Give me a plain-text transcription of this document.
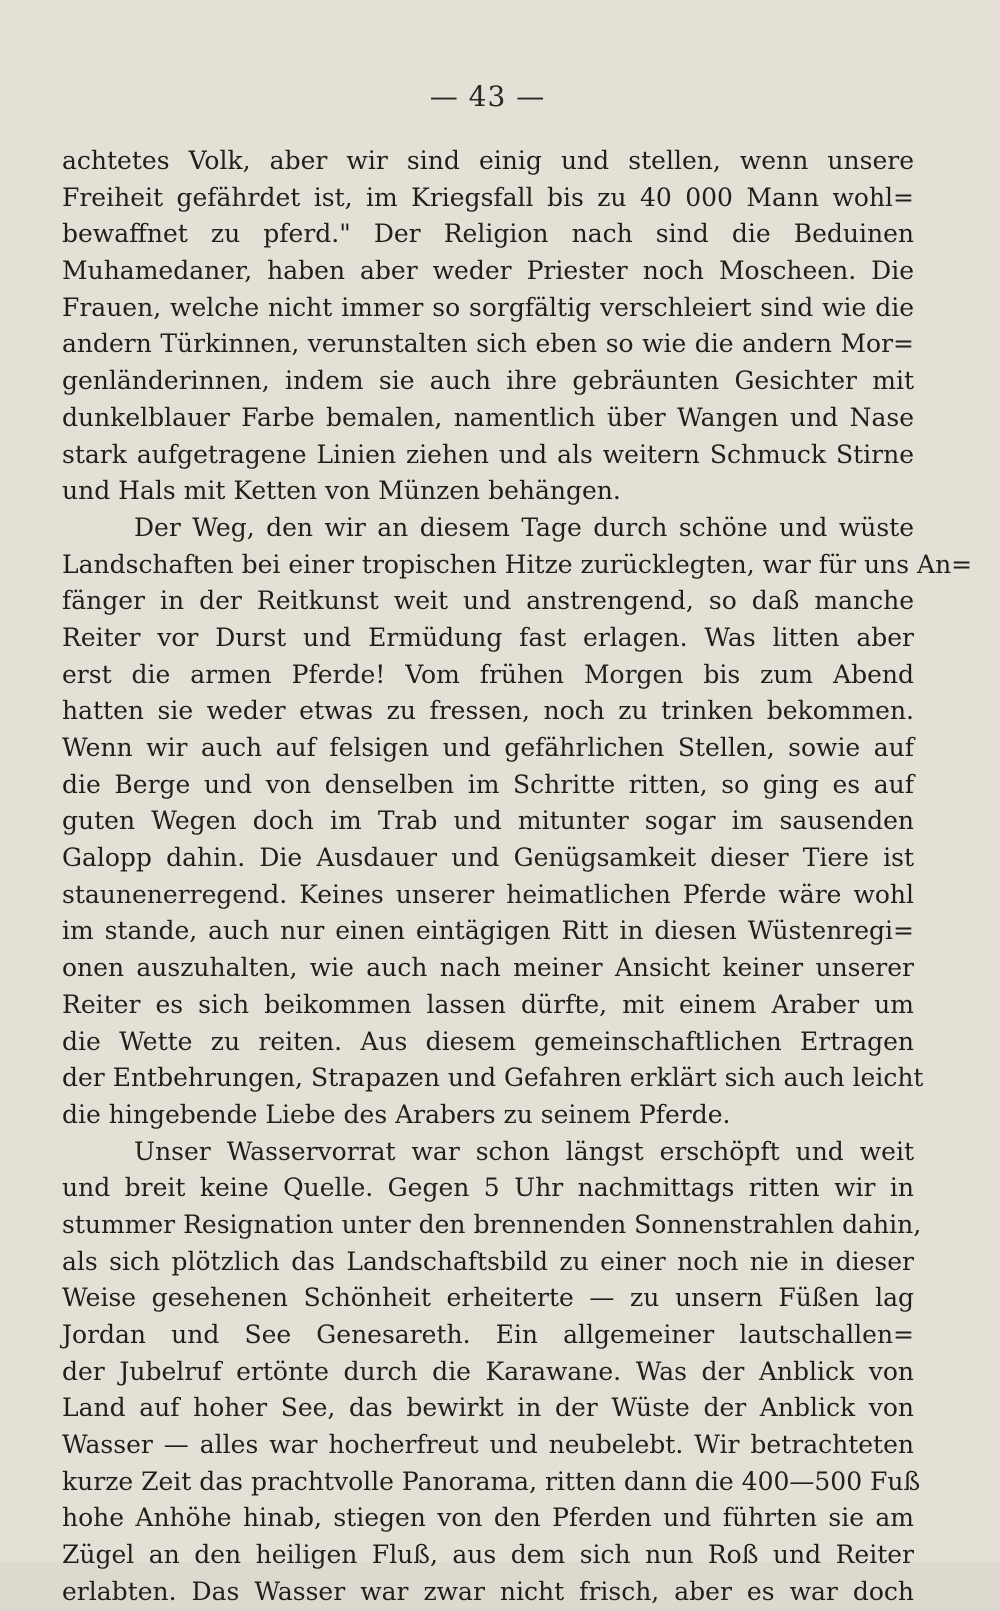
— 43 —
achtetes Volk, aber wir sind einig und stellen, wenn unsere
Freiheit gefährdet ist, im Kriegsfall bis zu 40 000 Mann wohl=
bewaffnet zu pferd." Der Religion nach sind die Beduinen
Muhamedaner, haben aber weder Priester noch Moscheen. Die
Frauen, welche nicht immer so sorgfältig verschleiert sind wie die
andern Türkinnen, verunstalten sich eben so wie die andern Mor=
genländerinnen, indem sie auch ihre gebräunten Gesichter mit
dunkelblauer Farbe bemalen, namentlich über Wangen und Nase
stark aufgetragene Linien ziehen und als weitern Schmuck Stirne
und Hals mit Ketten von Münzen behängen.
Der Weg, den wir an diesem Tage durch schöne und wüste
Landschaften bei einer tropischen Hitze zurücklegten, war für uns An=
fänger in der Reitkunst weit und anstrengend, so daß manche
Reiter vor Durst und Ermüdung fast erlagen. Was litten aber
erst die armen Pferde! Vom frühen Morgen bis zum Abend
hatten sie weder etwas zu fressen, noch zu trinken bekommen.
Wenn wir auch auf felsigen und gefährlichen Stellen, sowie auf
die Berge und von denselben im Schritte ritten, so ging es auf
guten Wegen doch im Trab und mitunter sogar im sausenden
Galopp dahin. Die Ausdauer und Genügsamkeit dieser Tiere ist
staunenerregend. Keines unserer heimatlichen Pferde wäre wohl
im stande, auch nur einen eintägigen Ritt in diesen Wüstenregi=
onen auszuhalten, wie auch nach meiner Ansicht keiner unserer
Reiter es sich beikommen lassen dürfte, mit einem Araber um
die Wette zu reiten. Aus diesem gemeinschaftlichen Ertragen
der Entbehrungen, Strapazen und Gefahren erklärt sich auch leicht
die hingebende Liebe des Arabers zu seinem Pferde.
Unser Wasservorrat war schon längst erschöpft und weit
und breit keine Quelle. Gegen 5 Uhr nachmittags ritten wir in
stummer Resignation unter den brennenden Sonnenstrahlen dahin,
als sich plötzlich das Landschaftsbild zu einer noch nie in dieser
Weise gesehenen Schönheit erheiterte — zu unsern Füßen lag
Jordan und See Genesareth. Ein allgemeiner lautschallen=
der Jubelruf ertönte durch die Karawane. Was der Anblick von
Land auf hoher See, das bewirkt in der Wüste der Anblick von
Wasser — alles war hocherfreut und neubelebt. Wir betrachteten
kurze Zeit das prachtvolle Panorama, ritten dann die 400—500 Fuß
hohe Anhöhe hinab, stiegen von den Pferden und führten sie am
Zügel an den heiligen Fluß, aus dem sich nun Roß und Reiter
erlabten. Das Wasser war zwar nicht frisch, aber es war doch
